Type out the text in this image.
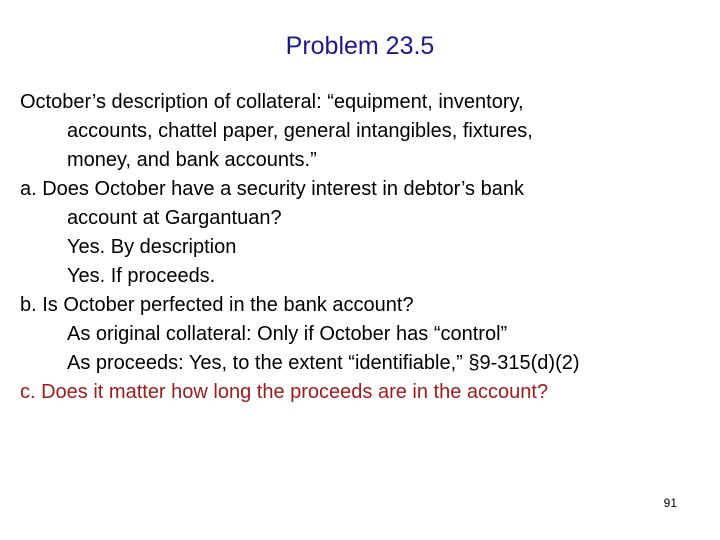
Problem 23.5
October’s description of collateral: “equipment, inventory,
accounts, chattel paper, general intangibles, fixtures,
money, and bank accounts.”
a. Does October have a security interest in debtor’s bank
account at Gargantuan?
Yes. By description
Yes. If proceeds.
b. Is October perfected in the bank account?
As original collateral: Only if October has “control”
As proceeds: Yes, to the extent “identifiable,” §9-315(d)(2)
c. Does it matter how long the proceeds are in the account?
91
